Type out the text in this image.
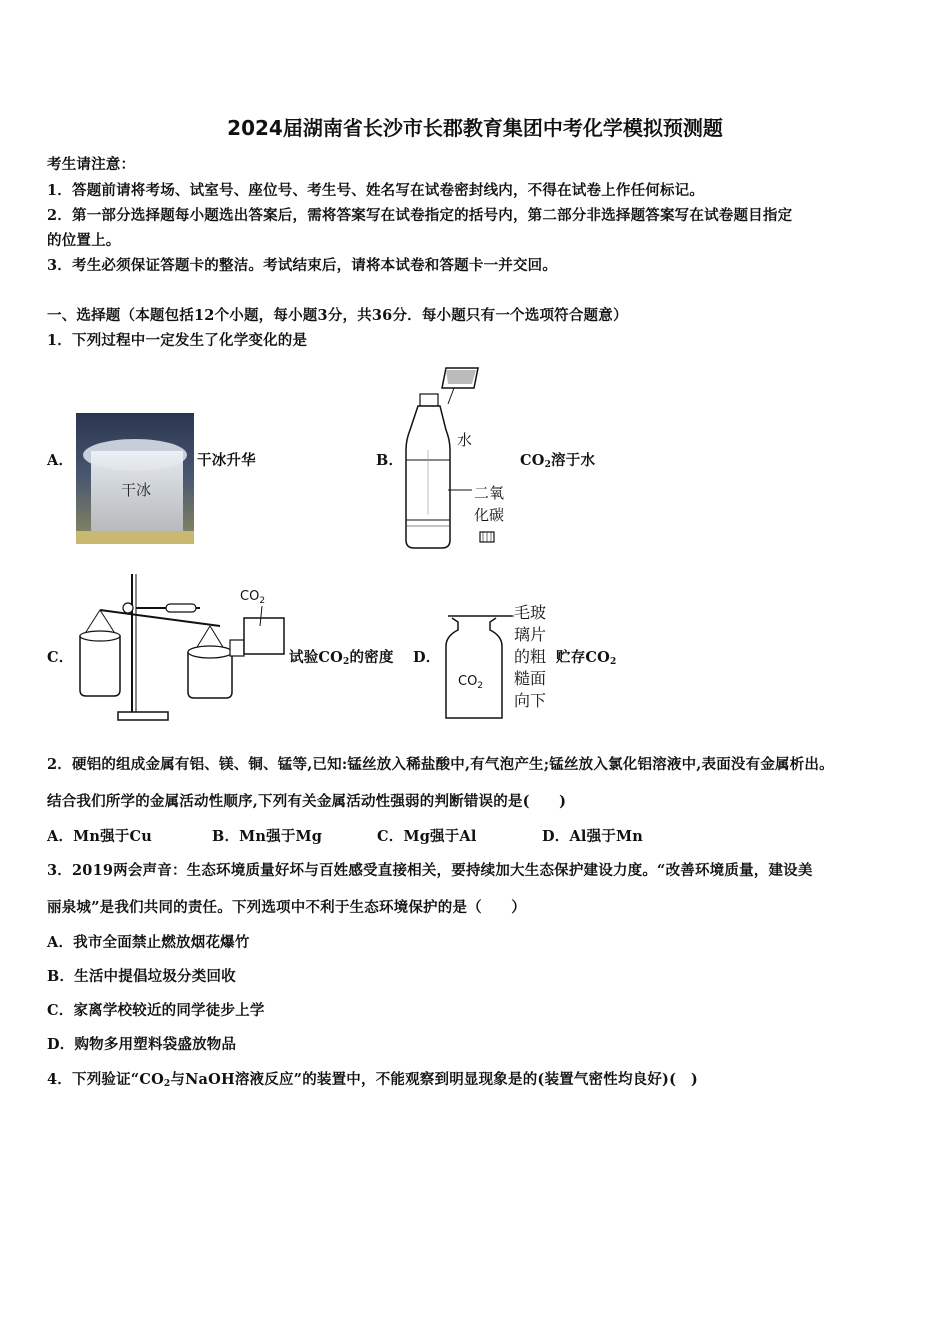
2024届湖南省长沙市长郡教育集团中考化学模拟预测题
考生请注意：
1．答题前请将考场、试室号、座位号、考生号、姓名写在试卷密封线内，不得在试卷上作任何标记。
2．第一部分选择题每小题选出答案后，需将答案写在试卷指定的括号内，第二部分非选择题答案写在试卷题目指定
的位置上。
3．考生必须保证答题卡的整洁。考试结束后，请将本试卷和答题卡一并交回。
一、选择题（本题包括12个小题，每小题3分，共36分．每小题只有一个选项符合题意）
1．下列过程中一定发生了化学变化的是
A．
干冰
干冰升华	B．
水
二氧
化碳
$CO_2$溶于水
C．
$CO_2$
试验$CO_2$的密度 D．
$CO_2$
毛玻
璃片
的粗
糙面
向下
贮存$CO_2$
2．硬铝的组成金属有铝、镁、铜、锰等,已知:锰丝放入稀盐酸中,有气泡产生;锰丝放入氯化铝溶液中,表面没有金属析出。
结合我们所学的金属活动性顺序,下列有关金属活动性强弱的判断错误的是(　　)
A．Mn强于Cu	B．Mn强于Mg	C．Mg强于Al	D．Al强于Mn
3．2019两会声音：生态环境质量好坏与百姓感受直接相关，要持续加大生态保护建设力度。“改善环境质量，建设美
丽泉城”是我们共同的责任。下列选项中不利于生态环境保护的是（　　）
A．我市全面禁止燃放烟花爆竹
B．生活中提倡垃圾分类回收
C．家离学校较近的同学徒步上学
D．购物多用塑料袋盛放物品
4．下列验证“$CO_2$与NaOH溶液反应”的装置中，不能观察到明显现象是的(装置气密性均良好)(　)
